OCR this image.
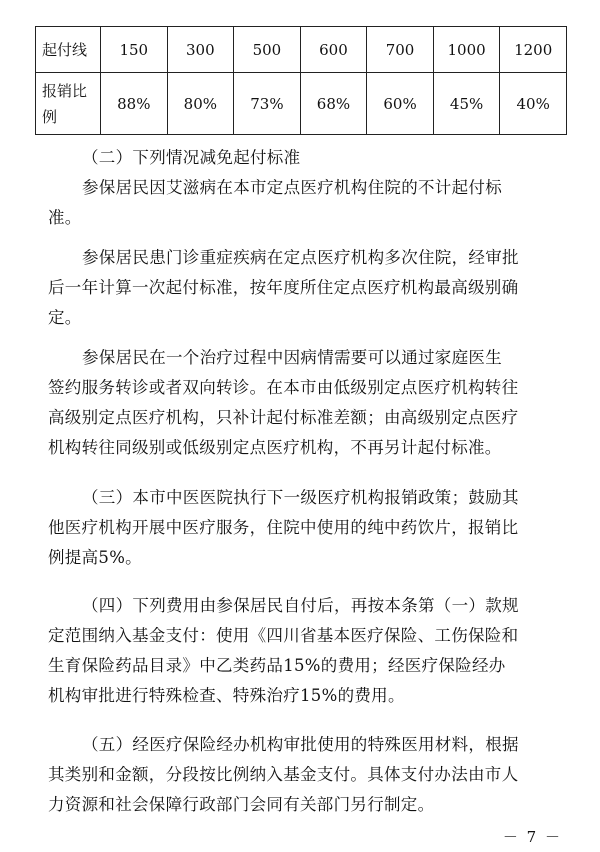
起付线	150	300	500	600	700	1000	1200

报销比
例	88%	80%	73%	68%	60%	45%	40%

（二）下列情况减免起付标准

参保居民因艾滋病在本市定点医疗机构住院的不计起付标
准。

参保居民患门诊重症疾病在定点医疗机构多次住院，经审批
后一年计算一次起付标准，按年度所住定点医疗机构最高级别确
定。

参保居民在一个治疗过程中因病情需要可以通过家庭医生
签约服务转诊或者双向转诊。在本市由低级别定点医疗机构转往
高级别定点医疗机构，只补计起付标准差额；由高级别定点医疗
机构转往同级别或低级别定点医疗机构，不再另计起付标准。

（三）本市中医医院执行下一级医疗机构报销政策；鼓励其
他医疗机构开展中医疗服务，住院中使用的纯中药饮片，报销比
例提高5%。

（四）下列费用由参保居民自付后，再按本条第（一）款规
定范围纳入基金支付：使用《四川省基本医疗保险、工伤保险和
生育保险药品目录》中乙类药品15%的费用；经医疗保险经办
机构审批进行特殊检查、特殊治疗15%的费用。

（五）经医疗保险经办机构审批使用的特殊医用材料，根据
其类别和金额，分段按比例纳入基金支付。具体支付办法由市人
力资源和社会保障行政部门会同有关部门另行制定。

－ 7 －
